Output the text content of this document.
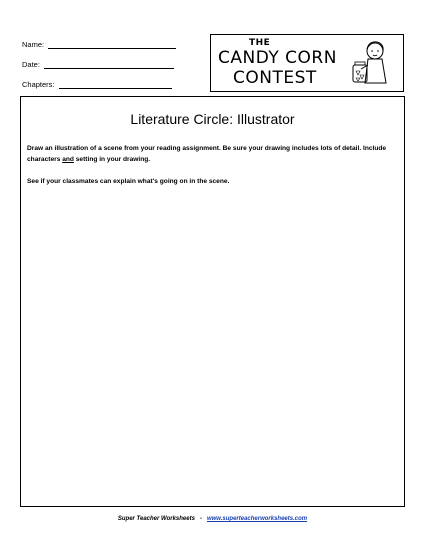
Name:
Date:
Chapters:
THE
CANDY CORN
CONTEST
Literature Circle: Illustrator

Draw an illustration of a scene from your reading assignment. Be sure your drawing includes lots of detail. Include characters and setting in your drawing.

See if your classmates can explain what's going on in the scene.

Super Teacher Worksheets - www.superteacherworksheets.com
